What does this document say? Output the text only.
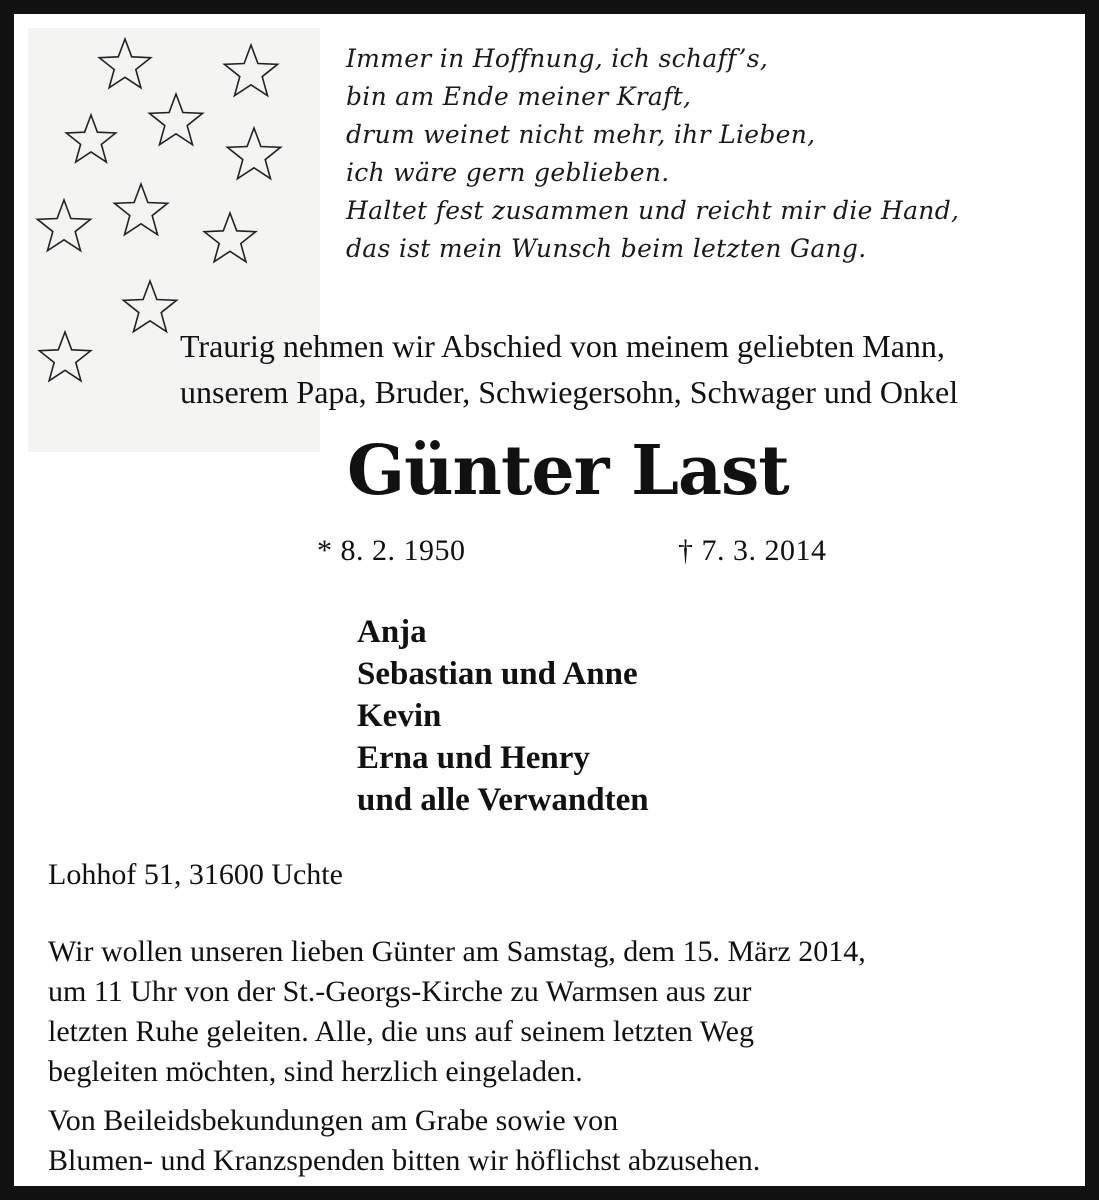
Immer in Hoffnung, ich schaff’s,
bin am Ende meiner Kraft,
drum weinet nicht mehr, ihr Lieben,
ich wäre gern geblieben.
Haltet fest zusammen und reicht mir die Hand,
das ist mein Wunsch beim letzten Gang.
Traurig nehmen wir Abschied von meinem geliebten Mann,
unserem Papa, Bruder, Schwiegersohn, Schwager und Onkel
Günter Last
* 8. 2. 1950	† 7. 3. 2014
Anja
Sebastian und Anne
Kevin
Erna und Henry
und alle Verwandten
Lohhof 51, 31600 Uchte
Wir wollen unseren lieben Günter am Samstag, dem 15. März 2014,
um 11 Uhr von der St.-Georgs-Kirche zu Warmsen aus zur
letzten Ruhe geleiten. Alle, die uns auf seinem letzten Weg
begleiten möchten, sind herzlich eingeladen.
Von Beileidsbekundungen am Grabe sowie von
Blumen- und Kranzspenden bitten wir höflichst abzusehen.
